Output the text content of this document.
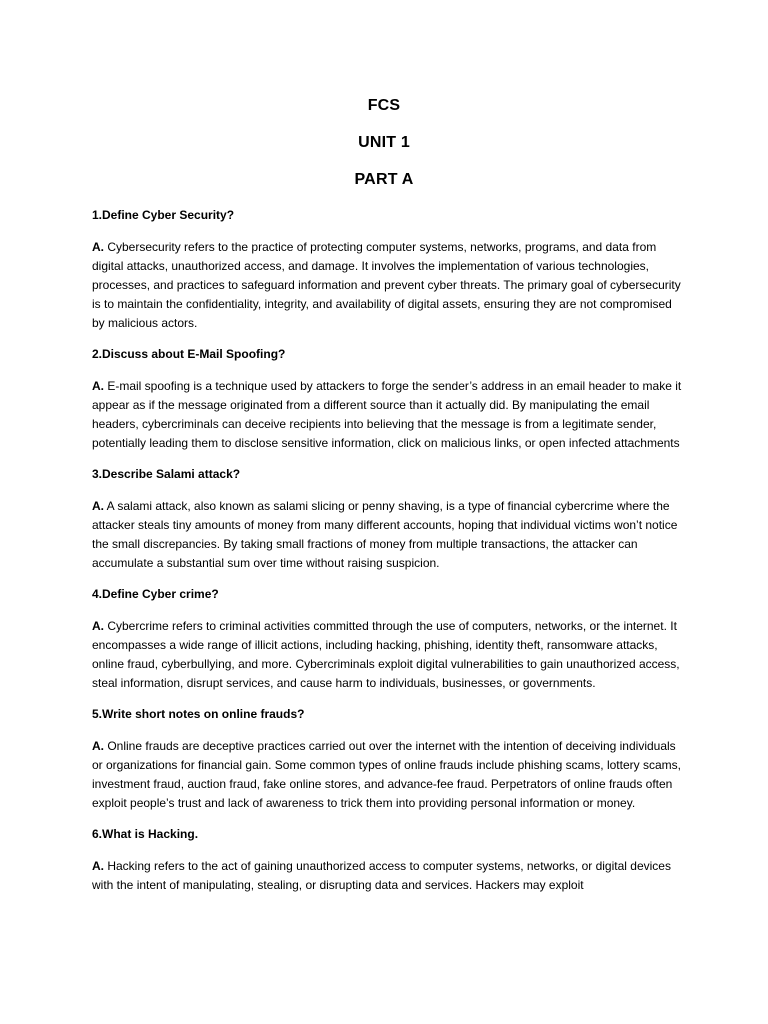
FCS
UNIT 1
PART A

1.Define Cyber Security?

A. Cybersecurity refers to the practice of protecting computer systems, networks, programs, and data from digital attacks, unauthorized access, and damage. It involves the implementation of various technologies, processes, and practices to safeguard information and prevent cyber threats. The primary goal of cybersecurity is to maintain the confidentiality, integrity, and availability of digital assets, ensuring they are not compromised by malicious actors.

2.Discuss about E-Mail Spoofing?

A. E-mail spoofing is a technique used by attackers to forge the sender’s address in an email header to make it appear as if the message originated from a different source than it actually did. By manipulating the email headers, cybercriminals can deceive recipients into believing that the message is from a legitimate sender, potentially leading them to disclose sensitive information, click on malicious links, or open infected attachments

3.Describe Salami attack?

A. A salami attack, also known as salami slicing or penny shaving, is a type of financial cybercrime where the attacker steals tiny amounts of money from many different accounts, hoping that individual victims won’t notice the small discrepancies. By taking small fractions of money from multiple transactions, the attacker can accumulate a substantial sum over time without raising suspicion.

4.Define Cyber crime?

A. Cybercrime refers to criminal activities committed through the use of computers, networks, or the internet. It encompasses a wide range of illicit actions, including hacking, phishing, identity theft, ransomware attacks, online fraud, cyberbullying, and more. Cybercriminals exploit digital vulnerabilities to gain unauthorized access, steal information, disrupt services, and cause harm to individuals, businesses, or governments.

5.Write short notes on online frauds?

A. Online frauds are deceptive practices carried out over the internet with the intention of deceiving individuals or organizations for financial gain. Some common types of online frauds include phishing scams, lottery scams, investment fraud, auction fraud, fake online stores, and advance-fee fraud. Perpetrators of online frauds often exploit people’s trust and lack of awareness to trick them into providing personal information or money.

6.What is Hacking.

A. Hacking refers to the act of gaining unauthorized access to computer systems, networks, or digital devices with the intent of manipulating, stealing, or disrupting data and services. Hackers may exploit
